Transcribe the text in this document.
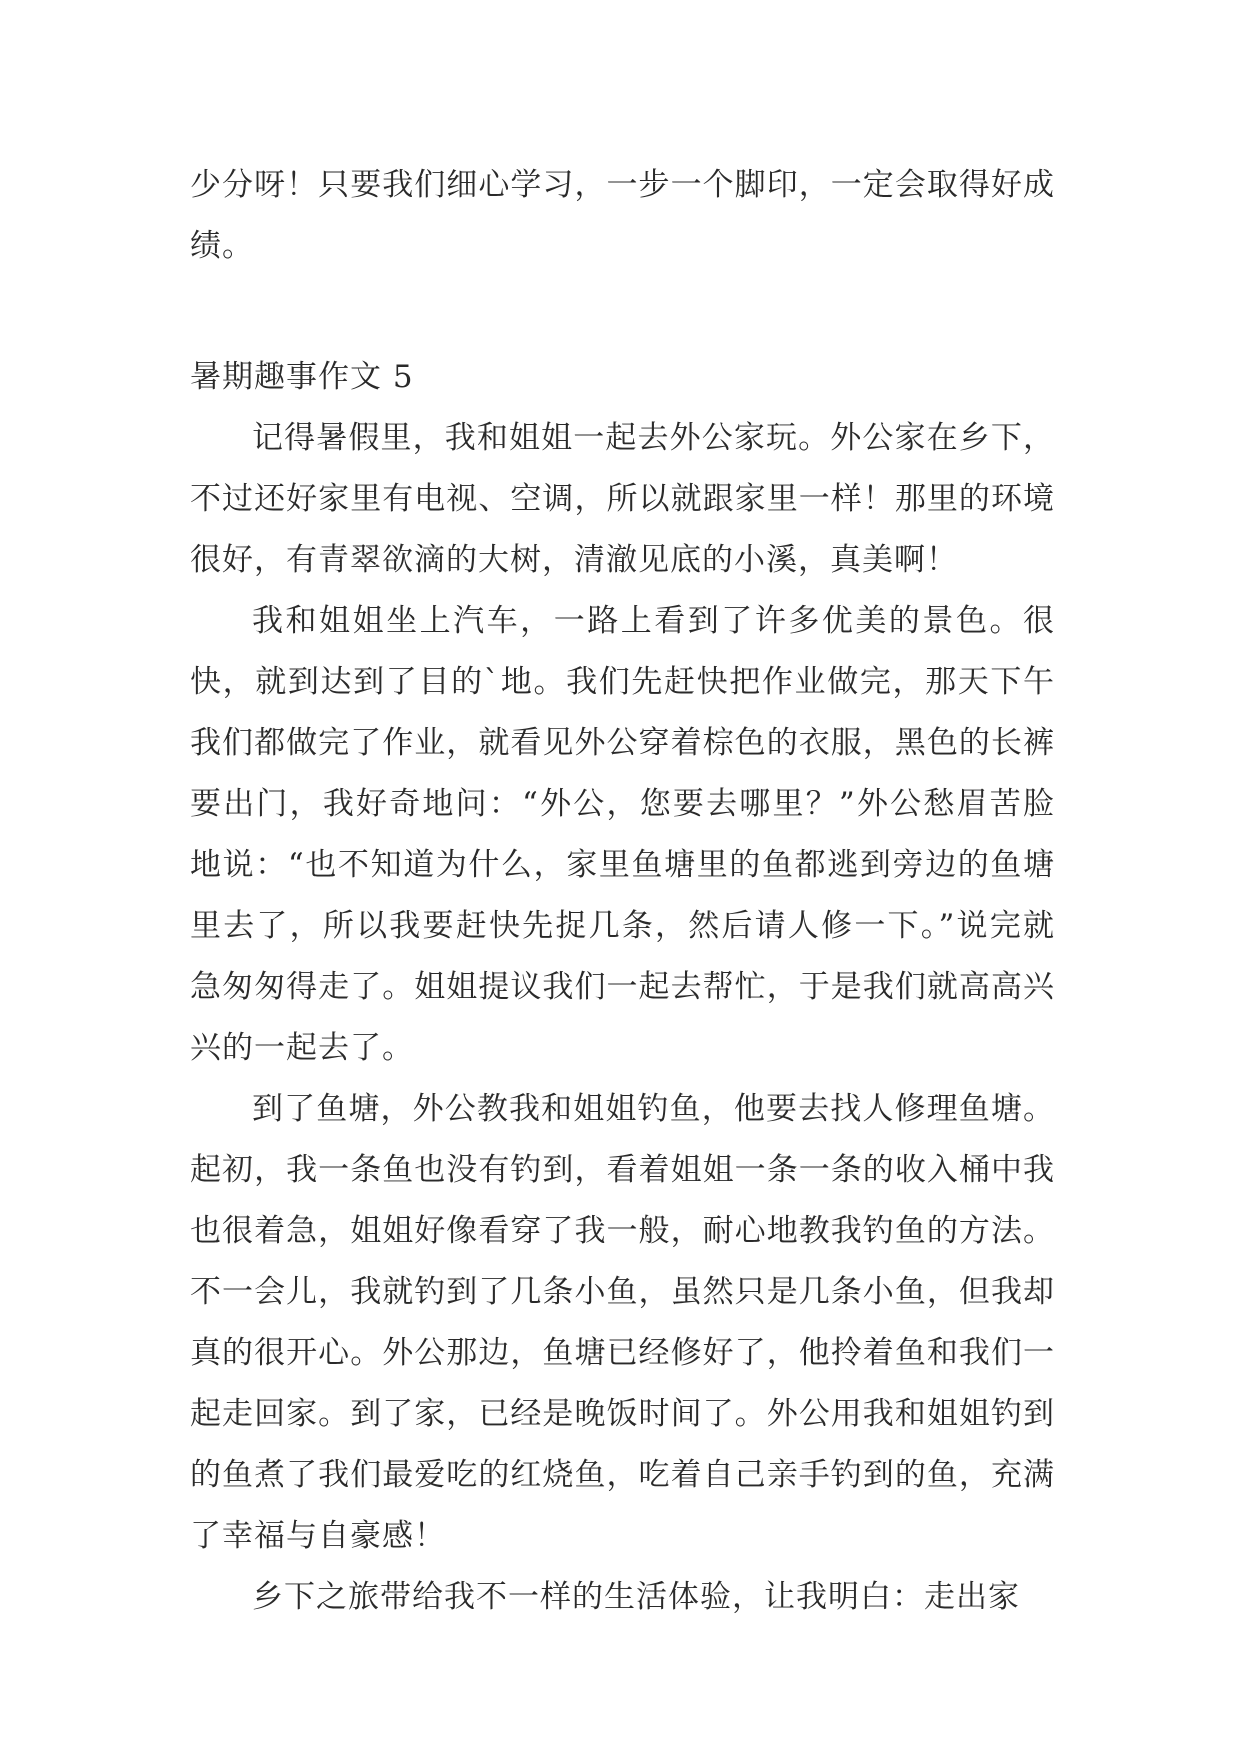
少分呀！只要我们细心学习，一步一个脚印，一定会取得好成绩。

暑期趣事作文 5

记得暑假里，我和姐姐一起去外公家玩。外公家在乡下，不过还好家里有电视、空调，所以就跟家里一样！那里的环境很好，有青翠欲滴的大树，清澈见底的小溪，真美啊！

我和姐姐坐上汽车，一路上看到了许多优美的景色。很快，就到达到了目的`地。我们先赶快把作业做完，那天下午我们都做完了作业，就看见外公穿着棕色的衣服，黑色的长裤要出门，我好奇地问：“外公，您要去哪里？”外公愁眉苦脸地说：“也不知道为什么，家里鱼塘里的鱼都逃到旁边的鱼塘里去了，所以我要赶快先捉几条，然后请人修一下。”说完就急匆匆得走了。姐姐提议我们一起去帮忙，于是我们就高高兴兴的一起去了。

到了鱼塘，外公教我和姐姐钓鱼，他要去找人修理鱼塘。起初，我一条鱼也没有钓到，看着姐姐一条一条的收入桶中我也很着急，姐姐好像看穿了我一般，耐心地教我钓鱼的方法。不一会儿，我就钓到了几条小鱼，虽然只是几条小鱼，但我却真的很开心。外公那边，鱼塘已经修好了，他拎着鱼和我们一起走回家。到了家，已经是晚饭时间了。外公用我和姐姐钓到的鱼煮了我们最爱吃的红烧鱼，吃着自己亲手钓到的鱼，充满了幸福与自豪感！

乡下之旅带给我不一样的生活体验，让我明白：走出家
